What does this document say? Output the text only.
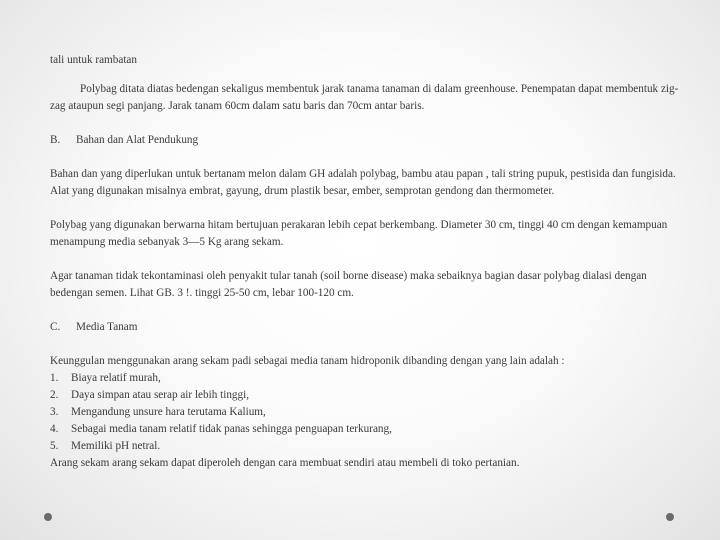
tali untuk rambatan

Polybag ditata diatas bedengan sekaligus membentuk jarak tanama tanaman di dalam greenhouse. Penempatan dapat membentuk zig-zag ataupun segi panjang. Jarak tanam 60cm dalam satu baris dan 70cm antar baris.

B.	Bahan dan Alat Pendukung

Bahan dan yang diperlukan untuk bertanam melon dalam GH adalah polybag, bambu atau papan , tali string pupuk, pestisida dan fungisida. Alat yang digunakan misalnya embrat, gayung, drum plastik besar, ember, semprotan gendong dan thermometer.

Polybag yang digunakan berwarna hitam bertujuan perakaran lebih cepat berkembang. Diameter 30 cm, tinggi 40 cm dengan kemampuan menampung media sebanyak 3—5 Kg arang sekam.

Agar tanaman tidak tekontaminasi oleh penyakit tular tanah (soil borne disease) maka sebaiknya bagian dasar polybag dialasi dengan bedengan semen. Lihat GB. 3 !. tinggi 25-50 cm, lebar 100-120 cm.

C.	Media Tanam

Keunggulan menggunakan arang sekam padi sebagai media tanam hidroponik dibanding dengan yang lain adalah :

1.	Biaya relatif murah,
2.	Daya simpan atau serap air lebih tinggi,
3.	Mengandung unsure hara terutama Kalium,
4.	Sebagai media tanam relatif tidak panas sehingga penguapan terkurang,
5.	Memiliki pH netral.

Arang sekam arang sekam dapat diperoleh dengan cara membuat sendiri atau membeli di toko pertanian.
